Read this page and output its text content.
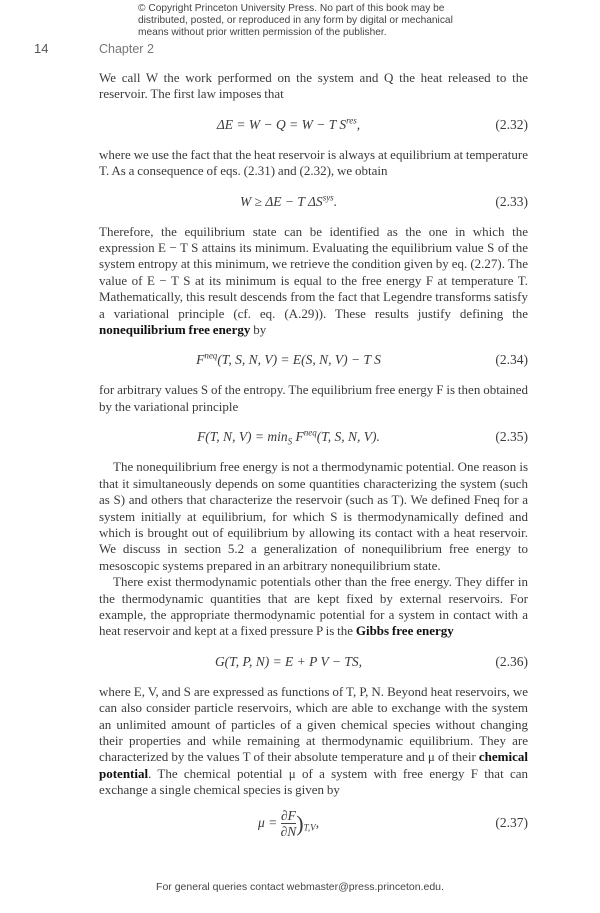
© Copyright Princeton University Press. No part of this book may be
distributed, posted, or reproduced in any form by digital or mechanical
means without prior written permission of the publisher.
14	Chapter 2

We call W the work performed on the system and Q the heat released to the reservoir. The first law imposes that

ΔE = W − Q = W − T $S^{res}$,	(2.32)

where we use the fact that the heat reservoir is always at equilibrium at temperature T. As a consequence of eqs. (2.31) and (2.32), we obtain

W ≥ ΔE − T $\Delta S^{sys}$.	(2.33)

Therefore, the equilibrium state can be identified as the one in which the expression E − T S attains its minimum. Evaluating the equilibrium value S of the system entropy at this minimum, we retrieve the condition given by eq. (2.27). The value of E − T S at its minimum is equal to the free energy F at temperature T. Mathematically, this result descends from the fact that Legendre transforms satisfy a variational principle (cf. eq. (A.29)). These results justify defining the nonequilibrium free energy by

$F^{neq}(T$, S, N, V) = E(S, N, V) − T S	(2.34)

for arbitrary values S of the entropy. The equilibrium free energy F is then obtained by the variational principle

F(T, N, $V) = \min_S F^{neq}(T$, S, N, V).	(2.35)

The nonequilibrium free energy is not a thermodynamic potential. One reason is that it simultaneously depends on some quantities characterizing the system (such as S) and others that characterize the reservoir (such as T). We defined Fneq for a system initially at equilibrium, for which S is thermodynamically defined and which is brought out of equilibrium by allowing its contact with a heat reservoir. We discuss in section 5.2 a generalization of nonequilibrium free energy to mesoscopic systems prepared in an arbitrary nonequilibrium state.

There exist thermodynamic potentials other than the free energy. They differ in the thermodynamic quantities that are kept fixed by external reservoirs. For example, the appropriate thermodynamic potential for a system in contact with a heat reservoir and kept at a fixed pressure P is the Gibbs free energy

G(T, P, N) = E + P V − TS,	(2.36)

where E, V, and S are expressed as functions of T, P, N. Beyond heat reservoirs, we can also consider particle reservoirs, which are able to exchange with the system an unlimited amount of particles of a given chemical species without changing their properties and while remaining at thermodynamic equilibrium. They are characterized by the values T of their absolute temperature and μ of their chemical potential. The chemical potential μ of a system with free energy F that can exchange a single chemical species is given by

$\mu = \frac{\partial F}{\partial N} )_{T,V}$,	(2.37)
For general queries contact webmaster@press.princeton.edu.
